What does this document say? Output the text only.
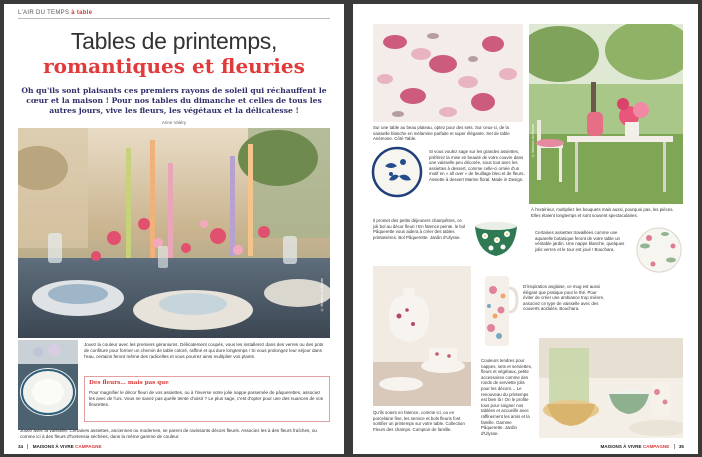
L'AIR DU TEMPS à table
Tables de printemps,
romantiques et fleuries
Oh qu'ils sont plaisants ces premiers rayons de soleil qui réchauffent le cœur et la maison ! Pour nos tables du dimanche et celles de tous les autres jours, vive les fleurs, les végétaux et la délicatesse !
Anne Valéry
© Maisons du Monde
Jouez la couleur avec les premiers géraniums. Délicatement coupés, vous les installerez dans des verres ou des pots de confiture pour former un chemin de table coloré, raffiné et qui dure longtemps ! Si vous prolongez leur séjour dans l'eau, certains feront même des radicelles et vous pourrez ainsi multiplier vos plants.
Des fleurs… mais pas que
Pour magnifier le décor fleuri de vos assiettes, ou à l'inverse votre jolie nappe parsemée de pâquerettes, associez les avec de l'uni. Vous ne savez pas quelle teinte choisir ? Le plus sage, c'est d'opter pour une des nuances de vos fleurettes.
Jouez avec la vaisselle. Certaines assiettes, anciennes ou modernes, se parent de ravissants décors fleuris. Associez les à des fleurs fraîches, ou comme ici à des fleurs d'hortensia séchées, dans la même gamme de couleur.
34 MAISONS À VIVRE CAMPAGNE
Sur une table au beau plateau, optez pour des sets. Sur ceux-ci, de la vaisselle blanche en mélamine parfaite et super élégante. Set de table Anémone. Côté Table.	© Maisons du Monde
Si vous voulez sage sur les grandes assiettes, préférez la mise en beauté de votre couvre dans une vaisselle peu décorée, sous tout avec les assiettes à dessert, comme celle-ci ornée d'un motif en « all over » de feuillage bleu et de fleurs. Assiette à dessert Marine floral. Made in Design.
À l'extérieur, multipliez les bouquets mais aussi, pourquoi pas, les pièces. Elles étaient longtemps et sont souvent spectaculaires.
Il promet des petits déjeuners champêtres, ce joli bol au décor fleuri ! En faïence peinte, le bol Pâquerette vous aidera à créer des tables printanières. Bol Pâquerette. Jardin d'Ulysse.
Certaines assiettes travaillées comme une aquarelle botanique feront de votre table un véritable jardin. Une nappe blanche, quelques jolis verres et le tour est joué ! Bouchara.
D'inspiration anglaise, ce mug est aussi élégant que pratique pour le thé. Pour éviter de créer une ambiance trop mièvre, associez ce type de vaisselle avec des couverts acidulés. Bouchara.
Qu'ils soient en faïence, comme ici, ou en porcelaine fine, les service et bols fleuris font sortifier un printemps sur votre table. Collection Fleurs des champs. Comptoir de famille.
Couleurs tendres pour nappes, sets et serviettes, fleurs et végétaux, petite accessoires comme des ronds de serviette jolis pour les décors… Le renouveau du printemps est bien là ! On le profite tous pour soigner nos tablées et accueillir avec raffinement les amis et la famille. Gamme Pâquerette. Jardin d'Ulysse.
MAISONS À VIVRE CAMPAGNE 35
